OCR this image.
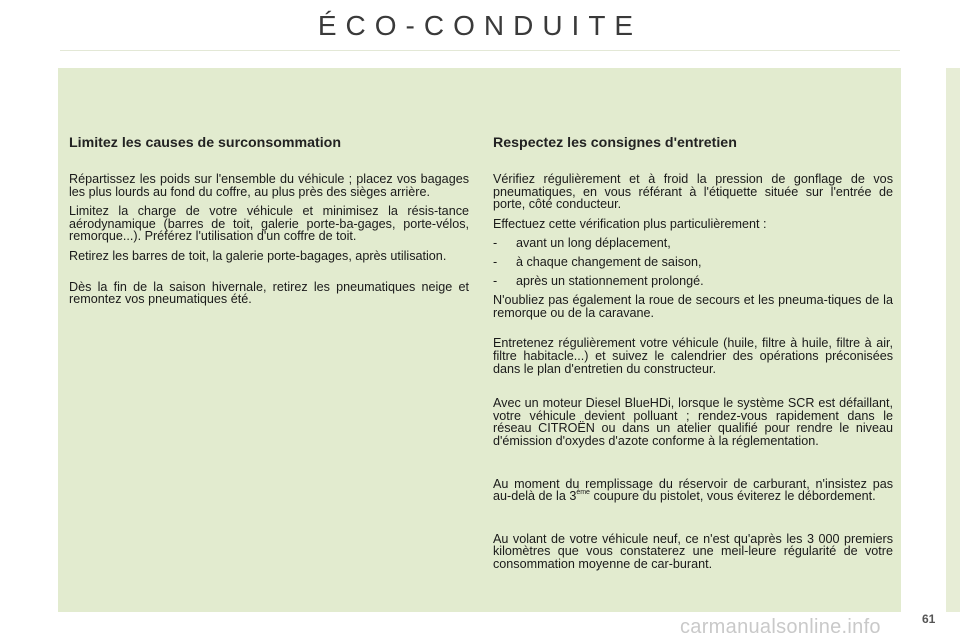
ÉCO-CONDUITE
Limitez les causes de surconsommation

Répartissez les poids sur l'ensemble du véhicule ; placez vos bagages les plus lourds au fond du coffre, au plus près des sièges arrière.

Limitez la charge de votre véhicule et minimisez la résis-tance aérodynamique (barres de toit, galerie porte-ba-gages, porte-vélos, remorque...). Préférez l'utilisation d'un coffre de toit.

Retirez les barres de toit, la galerie porte-bagages, après utilisation.

Dès la fin de la saison hivernale, retirez les pneumatiques neige et remontez vos pneumatiques été.

Respectez les consignes d'entretien

Vérifiez régulièrement et à froid la pression de gonflage de vos pneumatiques, en vous référant à l'étiquette située sur l'entrée de porte, côté conducteur.

Effectuez cette vérification plus particulièrement :

- avant un long déplacement,
- à chaque changement de saison,
- après un stationnement prolongé.

N'oubliez pas également la roue de secours et les pneuma-tiques de la remorque ou de la caravane.

Entretenez régulièrement votre véhicule (huile, filtre à huile, filtre à air, filtre habitacle...) et suivez le calendrier des opérations préconisées dans le plan d'entretien du constructeur.

Avec un moteur Diesel BlueHDi, lorsque le système SCR est défaillant, votre véhicule devient polluant ; rendez-vous rapidement dans le réseau CITROËN ou dans un atelier qualifié pour rendre le niveau d'émission d'oxydes d'azote conforme à la réglementation.

Au moment du remplissage du réservoir de carburant, n'insistez pas au-delà de la 3ème coupure du pistolet, vous éviterez le débordement.

Au volant de votre véhicule neuf, ce n'est qu'après les 3 000 premiers kilomètres que vous constaterez une meil-leure régularité de votre consommation moyenne de car-burant.

carmanualsonline.info	61
